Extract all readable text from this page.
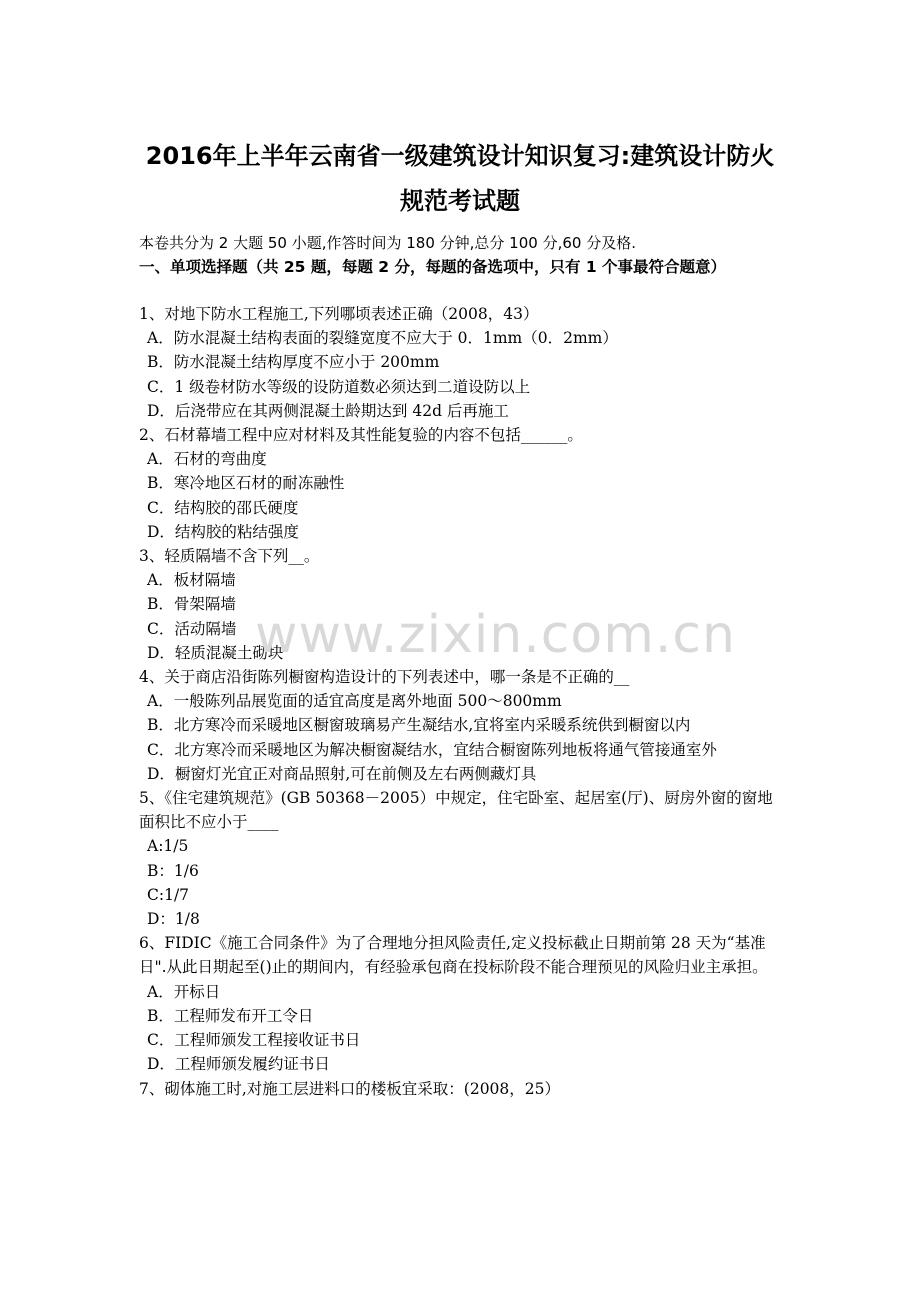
2016年上半年云南省一级建筑设计知识复习:建筑设计防火
规范考试题
本卷共分为 2 大题 50 小题,作答时间为 180 分钟,总分 100 分,60 分及格.
一、单项选择题（共 25 题，每题 2 分，每题的备选项中，只有 1 个事最符合题意）

1、对地下防水工程施工,下列哪顷表述正确（2008，43）

A．防水混凝土结构表面的裂缝宽度不应大于 0．1mm（0．2mm）

B．防水混凝土结构厚度不应小于 200mm

C．1 级卷材防水等级的设防道数必须达到二道设防以上

D．后浇带应在其两侧混凝土龄期达到 42d 后再施工

2、石材幕墙工程中应对材料及其性能复验的内容不包括______。

A．石材的弯曲度

B．寒冷地区石材的耐冻融性

C．结构胶的邵氏硬度

D．结构胶的粘结强度

3、轻质隔墙不含下列__。

A．板材隔墙

B．骨架隔墙

C．活动隔墙

D．轻质混凝土砌块

4、关于商店沿街陈列橱窗构造设计的下列表述中，哪一条是不正确的__

A．一般陈列品展览面的适宜高度是离外地面 500～800mm

B．北方寒冷而采暖地区橱窗玻璃易产生凝结水,宜将室内采暖系统供到橱窗以内

C．北方寒冷而采暖地区为解决橱窗凝结水，宜结合橱窗陈列地板将通气管接通室外

D．橱窗灯光宜正对商品照射,可在前侧及左右两侧藏灯具

5、《住宅建筑规范》(GB 50368－2005）中规定，住宅卧室、起居室(厅)、厨房外窗的窗地面积比不应小于____

A:1/5

B：1/6

C:1/7

D：1/8

6、FIDIC《施工合同条件》为了合理地分担风险责任,定义投标截止日期前第 28 天为“基准日".从此日期起至()止的期间内，有经验承包商在投标阶段不能合理预见的风险归业主承担。

A．开标日

B．工程师发布开工令日

C．工程师颁发工程接收证书日

D．工程师颁发履约证书日

7、砌体施工时,对施工层进料口的楼板宜采取：(2008，25）

www.zixin.com.cn
